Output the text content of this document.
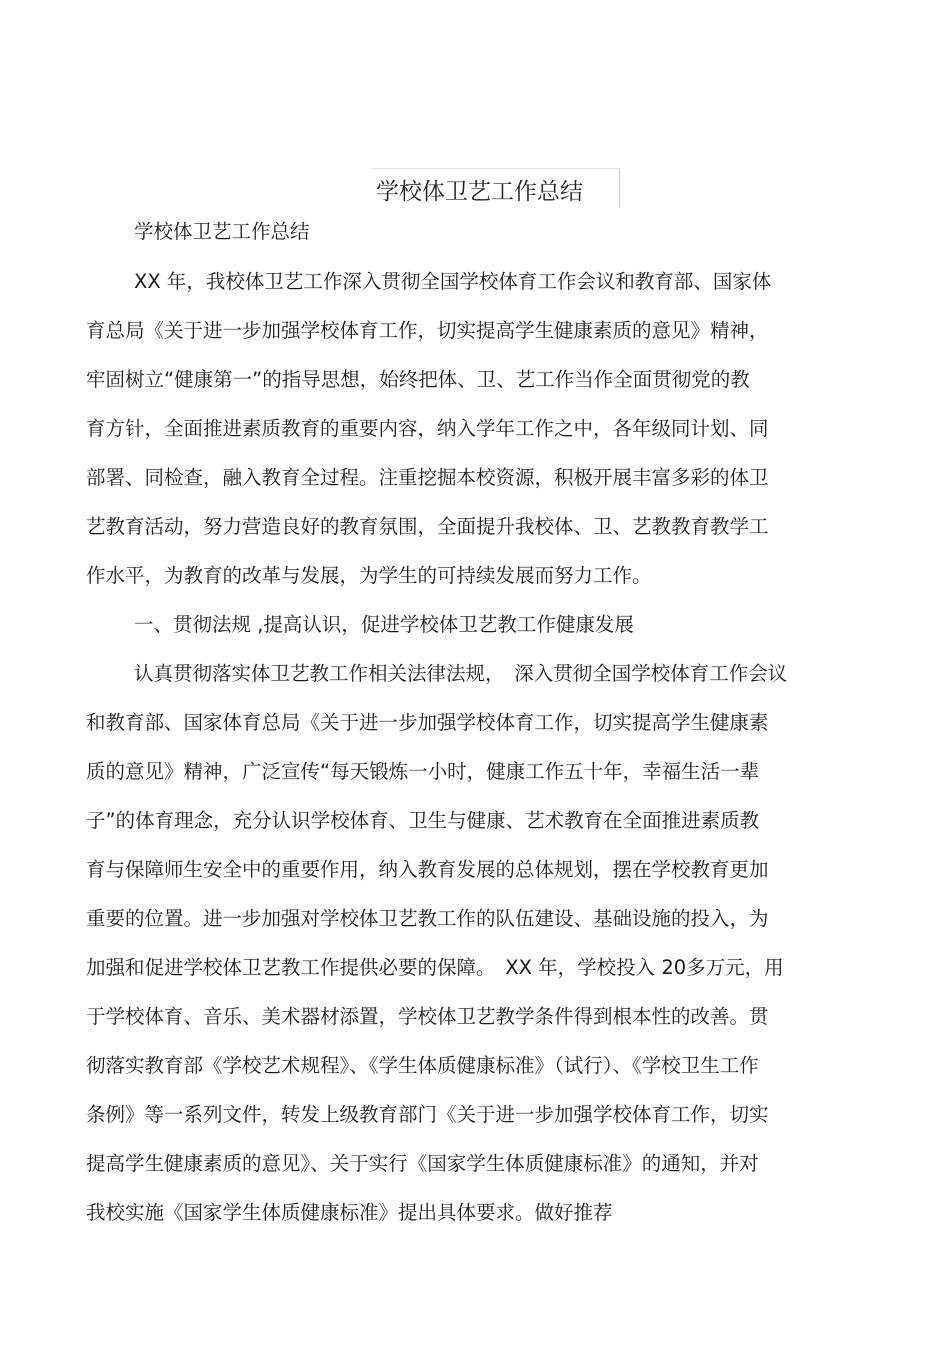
学校体卫艺工作总结
学校体卫艺工作总结
XX 年，我校体卫艺工作深入贯彻全国学校体育工作会议和教育部、国家体
育总局《关于进一步加强学校体育工作，切实提高学生健康素质的意见》精神，
牢固树立“健康第一”的指导思想，始终把体、卫、艺工作当作全面贯彻党的教
育方针，全面推进素质教育的重要内容，纳入学年工作之中，各年级同计划、同
部署、同检查，融入教育全过程。注重挖掘本校资源，积极开展丰富多彩的体卫
艺教育活动，努力营造良好的教育氛围，全面提升我校体、卫、艺教教育教学工
作水平，为教育的改革与发展，为学生的可持续发展而努力工作。
一、贯彻法规 ,提高认识，促进学校体卫艺教工作健康发展
认真贯彻落实体卫艺教工作相关法律法规，　深入贯彻全国学校体育工作会议
和教育部、国家体育总局《关于进一步加强学校体育工作，切实提高学生健康素
质的意见》精神，广泛宣传“每天锻炼一小时，健康工作五十年，幸福生活一辈
子”的体育理念，充分认识学校体育、卫生与健康、艺术教育在全面推进素质教
育与保障师生安全中的重要作用，纳入教育发展的总体规划，摆在学校教育更加
重要的位置。进一步加强对学校体卫艺教工作的队伍建设、基础设施的投入，为
加强和促进学校体卫艺教工作提供必要的保障。　XX 年，学校投入 20多万元，用
于学校体育、音乐、美术器材添置，学校体卫艺教学条件得到根本性的改善。贯
彻落实教育部《学校艺术规程》、《学生体质健康标准》（试行）、《学校卫生工作
条例》等一系列文件，转发上级教育部门《关于进一步加强学校体育工作，切实
提高学生健康素质的意见》、关于实行《国家学生体质健康标准》的通知，并对
我校实施《国家学生体质健康标准》提出具体要求。做好推荐
